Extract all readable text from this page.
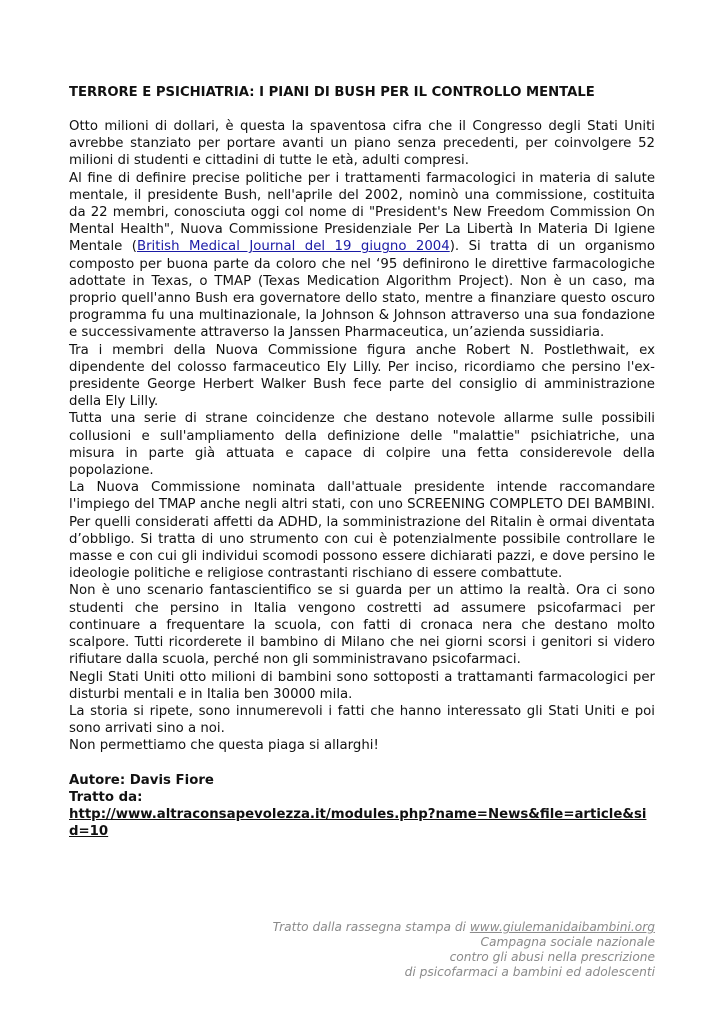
TERRORE E PSICHIATRIA: I PIANI DI BUSH PER IL CONTROLLO MENTALE

Otto milioni di dollari, è questa la spaventosa cifra che il Congresso degli Stati Uniti avrebbe stanziato per portare avanti un piano senza precedenti, per coinvolgere 52 milioni di studenti e cittadini di tutte le età, adulti compresi.

Al fine di definire precise politiche per i trattamenti farmacologici in materia di salute mentale, il presidente Bush, nell'aprile del 2002, nominò una commissione, costituita da 22 membri, conosciuta oggi col nome di "President's New Freedom Commission On Mental Health", Nuova Commissione Presidenziale Per La Libertà In Materia Di Igiene Mentale (British Medical Journal del 19 giugno 2004). Si tratta di un organismo composto per buona parte da coloro che nel ‘95 definirono le direttive farmacologiche adottate in Texas, o TMAP (Texas Medication Algorithm Project). Non è un caso, ma proprio quell'anno Bush era governatore dello stato, mentre a finanziare questo oscuro programma fu una multinazionale, la Johnson & Johnson attraverso una sua fondazione e successivamente attraverso la Janssen Pharmaceutica, un’azienda sussidiaria.

Tra i membri della Nuova Commissione figura anche Robert N. Postlethwait, ex dipendente del colosso farmaceutico Ely Lilly. Per inciso, ricordiamo che persino l'ex-presidente George Herbert Walker Bush fece parte del consiglio di amministrazione della Ely Lilly.

Tutta una serie di strane coincidenze che destano notevole allarme sulle possibili collusioni e sull'ampliamento della definizione delle "malattie" psichiatriche, una misura in parte già attuata e capace di colpire una fetta considerevole della popolazione.

La Nuova Commissione nominata dall'attuale presidente intende raccomandare l'impiego del TMAP anche negli altri stati, con uno SCREENING COMPLETO DEI BAMBINI. Per quelli considerati affetti da ADHD, la somministrazione del Ritalin è ormai diventata d’obbligo. Si tratta di uno strumento con cui è potenzialmente possibile controllare le masse e con cui gli individui scomodi possono essere dichiarati pazzi, e dove persino le ideologie politiche e religiose contrastanti rischiano di essere combattute.

Non è uno scenario fantascientifico se si guarda per un attimo la realtà. Ora ci sono studenti che persino in Italia vengono costretti ad assumere psicofarmaci per continuare a frequentare la scuola, con fatti di cronaca nera che destano molto scalpore. Tutti ricorderete il bambino di Milano che nei giorni scorsi i genitori si videro rifiutare dalla scuola, perché non gli somministravano psicofarmaci.

Negli Stati Uniti otto milioni di bambini sono sottoposti a trattamanti farmacologici per disturbi mentali e in Italia ben 30000 mila.

La storia si ripete, sono innumerevoli i fatti che hanno interessato gli Stati Uniti e poi sono arrivati sino a noi.

Non permettiamo che questa piaga si allarghi!

Autore: Davis Fiore
Tratto da:
http://www.altraconsapevolezza.it/modules.php?name=News&file=article&sid=10
Tratto dalla rassegna stampa di www.giulemanidaibambini.org
Campagna sociale nazionale
contro gli abusi nella prescrizione
di psicofarmaci a bambini ed adolescenti
